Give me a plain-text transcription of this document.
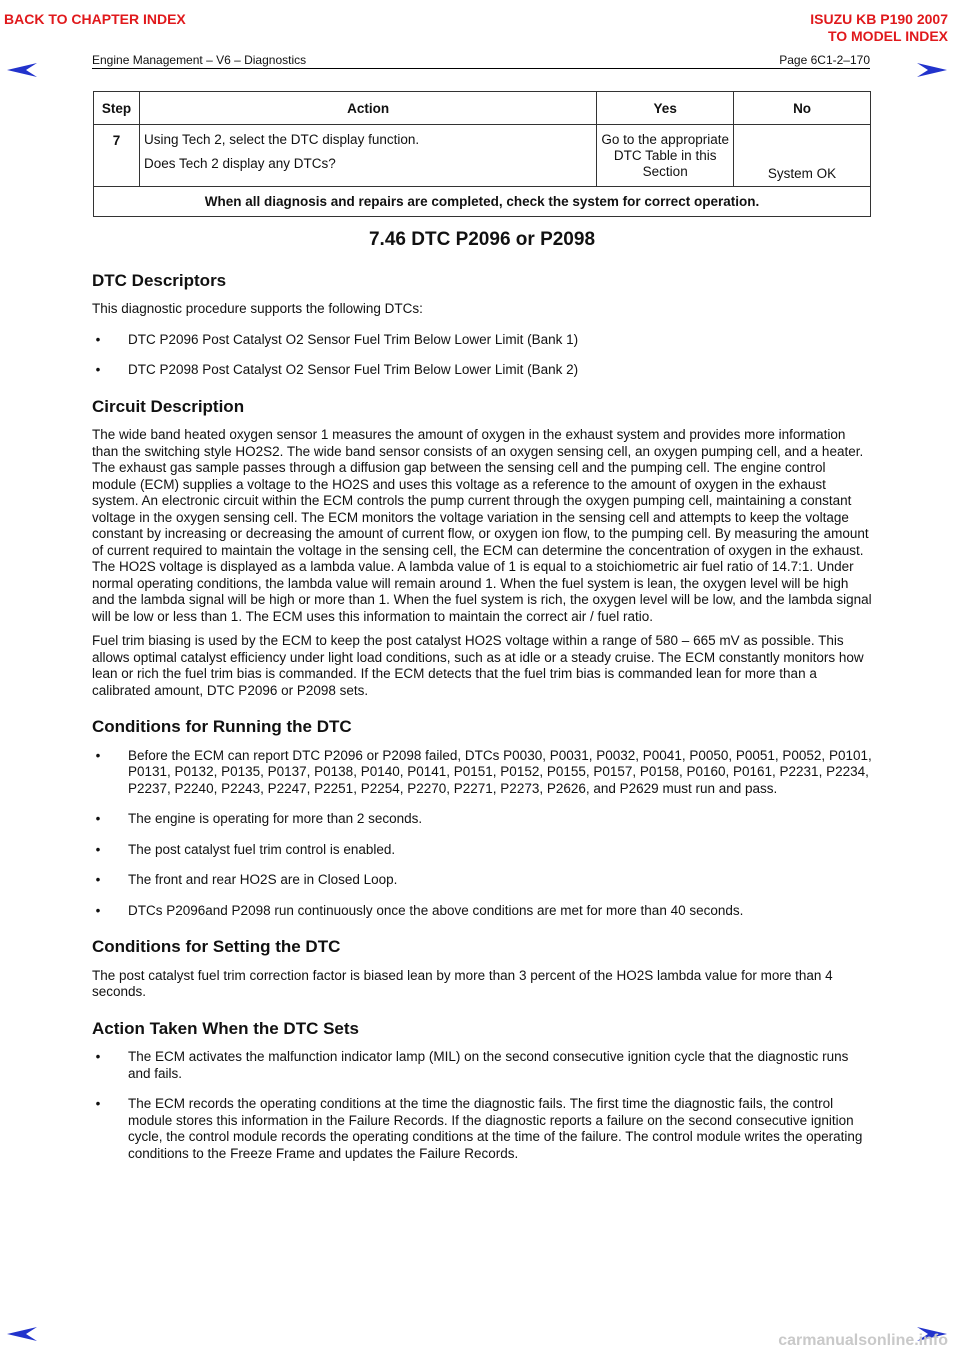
BACK TO CHAPTER INDEX	ISUZU KB P190 2007
TO MODEL INDEX
Engine Management – V6 – Diagnostics	Page 6C1-2–170
Step	Action	Yes	No
7	Using Tech 2, select the DTC display function.
Does Tech 2 display any DTCs?	Go to the appropriate DTC Table in this Section	System OK
When all diagnosis and repairs are completed, check the system for correct operation.			
7.46 DTC P2096 or P2098
DTC Descriptors

This diagnostic procedure supports the following DTCs:

• DTC P2096 Post Catalyst O2 Sensor Fuel Trim Below Lower Limit (Bank 1)
• DTC P2098 Post Catalyst O2 Sensor Fuel Trim Below Lower Limit (Bank 2)
Circuit Description

The wide band heated oxygen sensor 1 measures the amount of oxygen in the exhaust system and provides more information than the switching style HO2S2. The wide band sensor consists of an oxygen sensing cell, an oxygen pumping cell, and a heater. The exhaust gas sample passes through a diffusion gap between the sensing cell and the pumping cell. The engine control module (ECM) supplies a voltage to the HO2S and uses this voltage as a reference to the amount of oxygen in the exhaust system. An electronic circuit within the ECM controls the pump current through the oxygen pumping cell, maintaining a constant voltage in the oxygen sensing cell. The ECM monitors the voltage variation in the sensing cell and attempts to keep the voltage constant by increasing or decreasing the amount of current flow, or oxygen ion flow, to the pumping cell. By measuring the amount of current required to maintain the voltage in the sensing cell, the ECM can determine the concentration of oxygen in the exhaust. The HO2S voltage is displayed as a lambda value. A lambda value of 1 is equal to a stoichiometric air fuel ratio of 14.7:1. Under normal operating conditions, the lambda value will remain around 1. When the fuel system is lean, the oxygen level will be high and the lambda signal will be high or more than 1. When the fuel system is rich, the oxygen level will be low, and the lambda signal will be low or less than 1. The ECM uses this information to maintain the correct air / fuel ratio.

Fuel trim biasing is used by the ECM to keep the post catalyst HO2S voltage within a range of 580 – 665 mV as possible. This allows optimal catalyst efficiency under light load conditions, such as at idle or a steady cruise. The ECM constantly monitors how lean or rich the fuel trim bias is commanded. If the ECM detects that the fuel trim bias is commanded lean for more than a calibrated amount, DTC P2096 or P2098 sets.

Conditions for Running the DTC
• Before the ECM can report DTC P2096 or P2098 failed, DTCs P0030, P0031, P0032, P0041, P0050, P0051, P0052, P0101, P0131, P0132, P0135, P0137, P0138, P0140, P0141, P0151, P0152, P0155, P0157, P0158, P0160, P0161, P2231, P2234, P2237, P2240, P2243, P2247, P2251, P2254, P2270, P2271, P2273, P2626, and P2629 must run and pass.
• The engine is operating for more than 2 seconds.
• The post catalyst fuel trim control is enabled.
• The front and rear HO2S are in Closed Loop.
• DTCs P2096and P2098 run continuously once the above conditions are met for more than 40 seconds.
Conditions for Setting the DTC

The post catalyst fuel trim correction factor is biased lean by more than 3 percent of the HO2S lambda value for more than 4 seconds.

Action Taken When the DTC Sets
• The ECM activates the malfunction indicator lamp (MIL) on the second consecutive ignition cycle that the diagnostic runs and fails.
• The ECM records the operating conditions at the time the diagnostic fails. The first time the diagnostic fails, the control module stores this information in the Failure Records. If the diagnostic reports a failure on the second consecutive ignition cycle, the control module records the operating conditions at the time of the failure. The control module writes the operating conditions to the Freeze Frame and updates the Failure Records.
carmanualsonline.info
